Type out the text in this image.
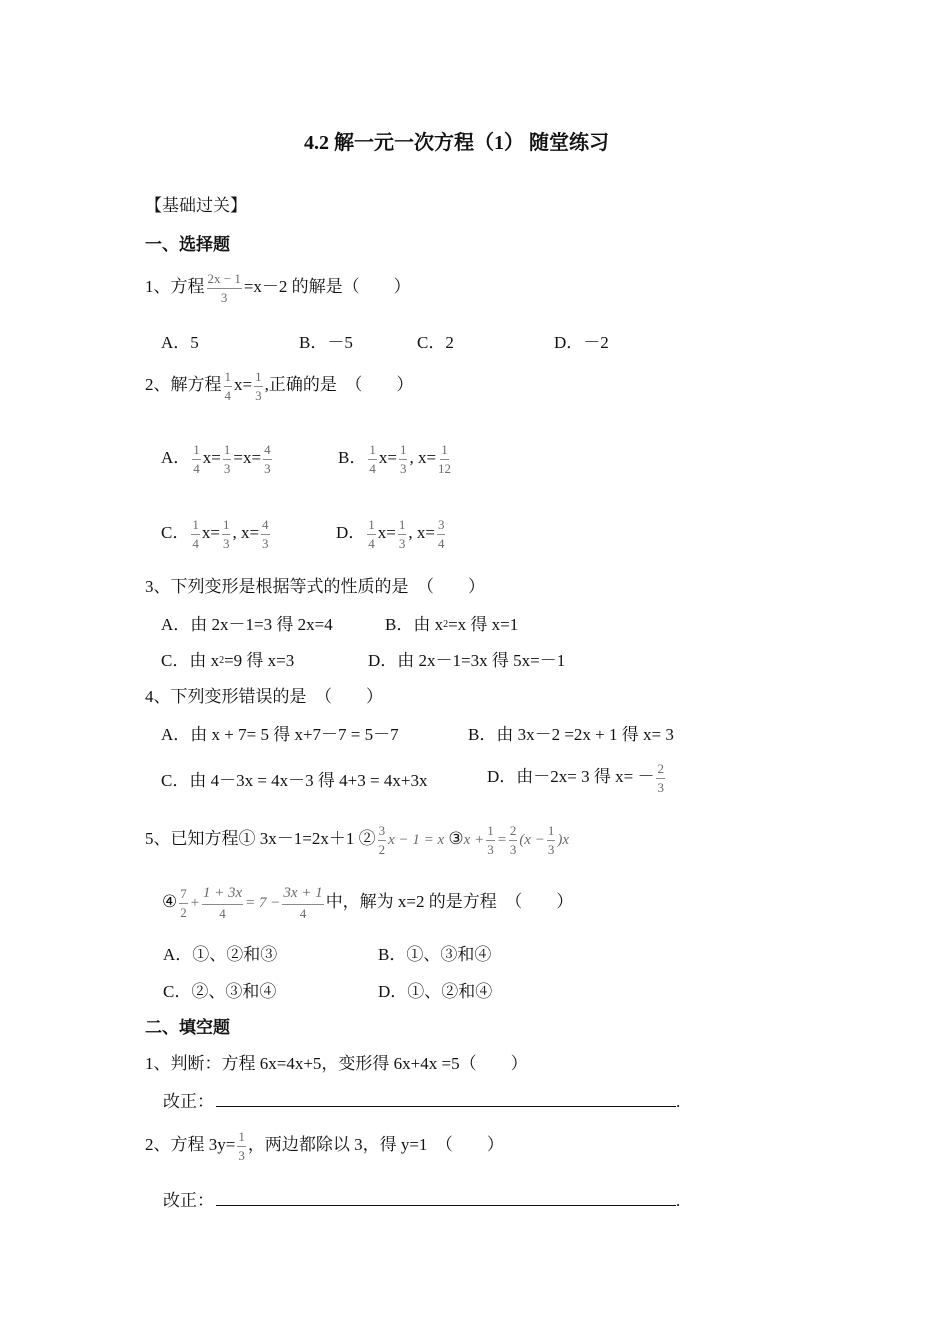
4.2 解一元一次方程（1） 随堂练习
【基础过关】
一、选择题
1、方程 $\frac{2x - 1}{3} =x-2$ 的解是（　　）
A．5	B．－5	C．2	D．－2
2、解方程 $\frac{1}{4} x= \frac{1}{3}$ ,正确的是　（　　）
A． $\frac{1}{4} x= \frac{1}{3} =x= \frac{4}{3}$	B． $\frac{1}{4} x= \frac{1}{3}$ , $x= \frac{1}{12}$
C． $\frac{1}{4} x= \frac{1}{3}$ , $x= \frac{4}{3}$	D． $\frac{1}{4} x= \frac{1}{3}$ , $x= \frac{3}{4}$
3、下列变形是根据等式的性质的是　（　　）
A．由 2x－1=3 得 2x=4	B．由 $x^2=x$ 得 x=1
C．由 $x^2=9$ 得 x=3	D．由 2x－1=3x 得 5x=－1
4、下列变形错误的是　（　　）
A．由 x + 7= 5 得 x+7－7 = 5－7	B．由 3x－2 =2x + 1 得 x= 3
C．由 4－3x = 4x－3 得 4+3 = 4x+3x	D．由－2x= 3 得 $x= - \frac{2}{3}$
5、已知方程① 3x－1=2x＋1 ② $\frac{3}{2}$ x − 1 = x ③x + $\frac{1}{3} = \frac{2}{3} (x - \frac{1}{3} )x$
④ $\frac{7}{2} + \frac{1 + 3x}{4} = 7 - \frac{3x + 1}{4}$ 中，解为 x=2 的是方程　（　　）
A．①、②和③	B．①、③和④
C．②、③和④	D．①、②和④
二、填空题
1、判断：方程 6x=4x+5，变形得 6x+4x =5（　　）
改正：	.
2、方程 $3y= \frac{1}{3}$ ，两边都除以 3，得 y=1　（　　）
改正：	.
